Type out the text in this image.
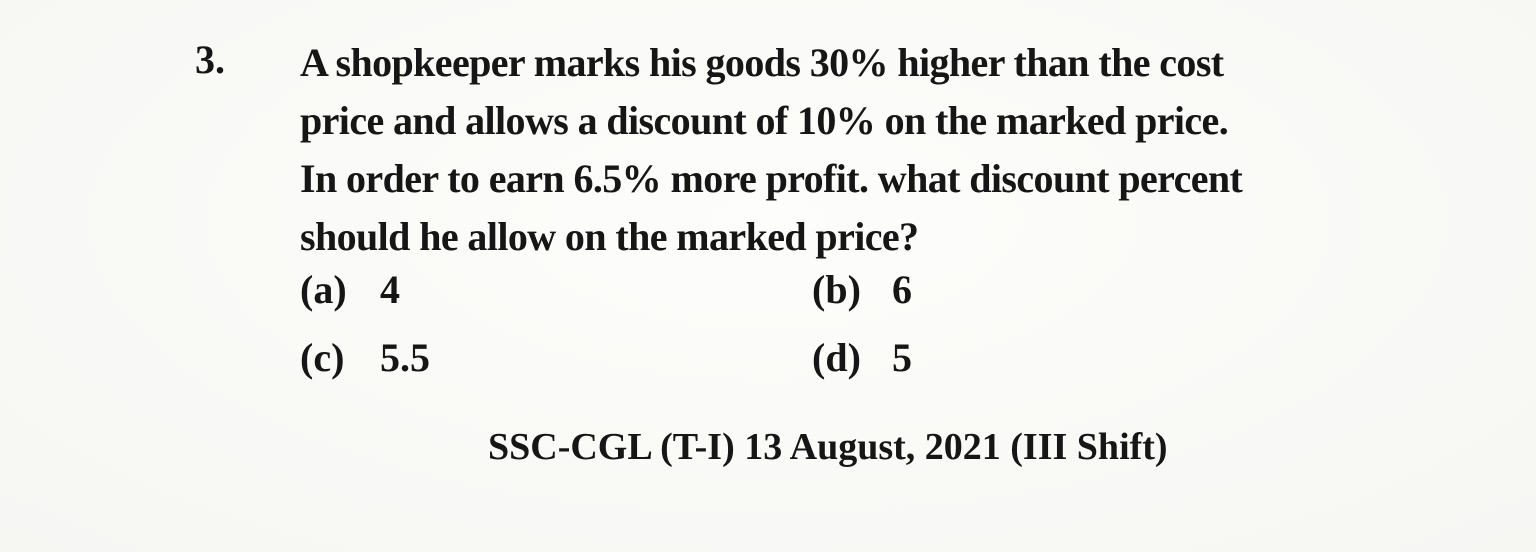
3. A shopkeeper marks his goods 30% higher than the cost
price and allows a discount of 10% on the marked price.
In order to earn 6.5% more profit. what discount percent
should he allow on the marked price?
(a) 4	(b) 6
(c) 5.5	(d) 5
SSC-CGL (T-I) 13 August, 2021 (III Shift)
